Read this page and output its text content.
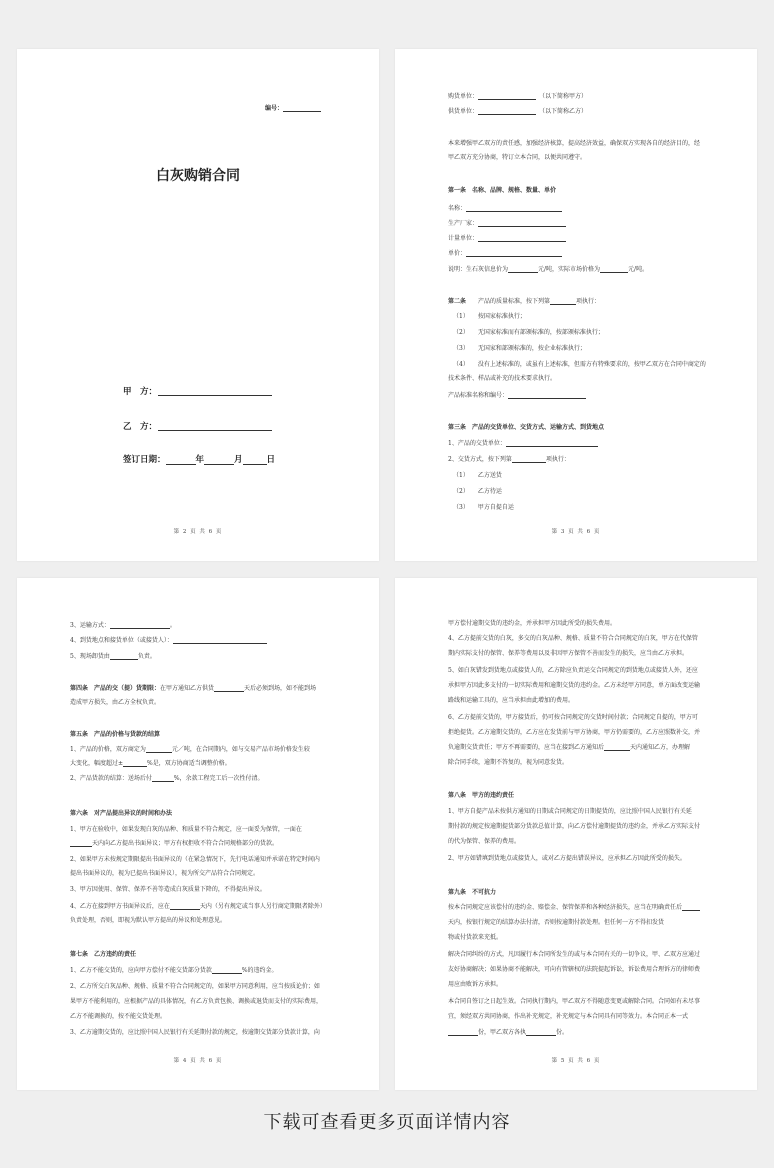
编号：
白灰购销合同
甲　方：
乙　方：
签订日期：	年	月	日
第 2 页 共 6 页
购货单位：　	（以下简称甲方）
供货单位：　	（以下简称乙方）
本来增强甲乙双方的责任感，加强经济核算，提高经济效益，确保双方实现各自的经济目的，经
甲乙双方充分协商，特订立本合同，以便共同遵守。
第一条　名称、品牌、规格、数量、单价
名称：
生产厂家：
计量单位：
单价：
说明：生石灰信息价为	元/吨，实际市场价格为	元/吨。
第二条　　 产品的质量标准，按下列第	项执行：
（1）　　 按国家标准执行；
（2）　　 无国家标准而有部颁标准的，按部颁标准执行；
（3）　　 无国家和部颁标准的，按企业标准执行；
（4）　　 没有上述标准的，或虽有上述标准，但需方有特殊要求的，按甲乙双方在合同中商定的
技术条件、样品或补充的技术要求执行。
产品标准名称和编号：
第三条　产品的交货单位、交货方式、运输方式、到货地点
1、产品的交货单位：
2、交货方式，按下列第	项执行：
（1）　　 乙方送货
（2）　　 乙方待运
（3）　　 甲方自提自运
第 3 页 共 6 页
3、运输方式：	。
4、到货地点和接货单位（或接货人）：
5、现场卸货由	负责。
第四条　产品的交（提）货期限：在甲方通知乙方供货	天后必须到场，如不能到场
造成甲方损失，由乙方全权负责。
第五条　产品的价格与货款的结算
1、产品的价格，双方商定为	元／吨，在合同期内，如与交易产品市场价格发生较
大变化，幅度超过±	%是，双方协商适当调整价格。
2、产品货款的结算：送场后付	%，余款工程完工后一次性付清。
第六条　对产品提出异议的时间和办法
1、甲方在验收中，如果发现白灰的品种、和质量不符合规定，应一面妥为保管，一面在
天内向乙方提出书面异议；甲方有权拒收不符合合同规格部分的货款。
2、如果甲方未按规定期限提出书面异议的（在紧急情况下，先行电话通知并承诺在特定时间内
提出书面异议的，视为已提出书面异议），视为所交产品符合合同规定。
3、甲方因使用、保管、保养不善等造成白灰质量下降的，不得提出异议。
4、乙方在接到甲方书面异议后，应在	天内（另有规定或当事人另行商定期限者除外）
负责处理，否则，即视为默认甲方提出的异议和处理意见。
第七条　乙方违约的责任
1、乙方不能交货的，应向甲方偿付不能交货部分货款	%的违约金。
2、乙方所交白灰品种、规格、质量不符合合同规定的，如果甲方同意利用，应当按质论价；如
果甲方不能利用的，应根据产品的具体情况，有乙方负责包换、调换或退货而支付的实际费用，
乙方不能调换的，按不能交货处理。
3、乙方逾期交货的，应比照中国人民银行有关延期付款的规定，按逾期交货部分货款计算，向
第 4 页 共 6 页
甲方偿付逾期交货的违约金，并承担甲方因此所受的损失费用。
4、乙方提前交货的白灰，多交的白灰品种、规格、质量不符合合同规定的白灰，甲方在代保管
期内实际支付的保管、保养等费用以及非因甲方保管不善而发生的损失，应当由乙方承担。
5、如白灰错发到货地点或接货人的，乙方除应负责运交合同规定的到货地点或接货人外，还应
承担甲方因此多支付的一切实际费用和逾期交货的违约金。乙方未经甲方同意，单方面改变运输
路线和运输工具的，应当承担由此增加的费用。
6、乙方提前交货的，甲方接货后，仍可按合同规定的交货时间付款；合同规定自提的，甲方可
拒绝提货。乙方逾期交货的，乙方应在发货前与甲方协商，甲方仍需要的，乙方应照数补交，并
负逾期交货责任；甲方不再需要的，应当在接到乙方通知后	天内通知乙方，办理解
除合同手续，逾期不答复的，视为同意发货。
第八条　甲方的违约责任
1、甲方自提产品未按供方通知的日期或合同规定的日期提货的，应比照中国人民银行有关延
期付款的规定按逾期提货部分货款总值计算，向乙方偿付逾期提货的违约金，并承乙方实际支付
的代为保管、保养的费用。
2、甲方如错填到货地点或接货人，或对乙方提出错误异议，应承担乙方因此所受的损失。
第九条　不可抗力
按本合同规定应该偿付的违约金、赔偿金、保管保养和各种经济损失，应当在明确责任后
天内，按银行规定的结算办法付清，否则按逾期付款处理。但任何一方不得扣发货
物或付货款来充抵。
解决合同纠纷的方式，凡因履行本合同所发生的或与本合同有关的一切争议，甲、乙双方应通过
友好协商解决；如果协商不能解决，可向有管辖权的法院提起诉讼，诉讼费用合理诉方的律师费
用应由败诉方承担。
本合同自签订之日起生效。合同执行期内，甲乙双方不得随意变更或解除合同。合同如有未尽事
宜，须经双方共同协商，作出补充规定，补充规定与本合同具有同等效力。本合同正本一式
份，甲乙双方各执	份。
第 5 页 共 6 页
下载可查看更多页面详情内容
